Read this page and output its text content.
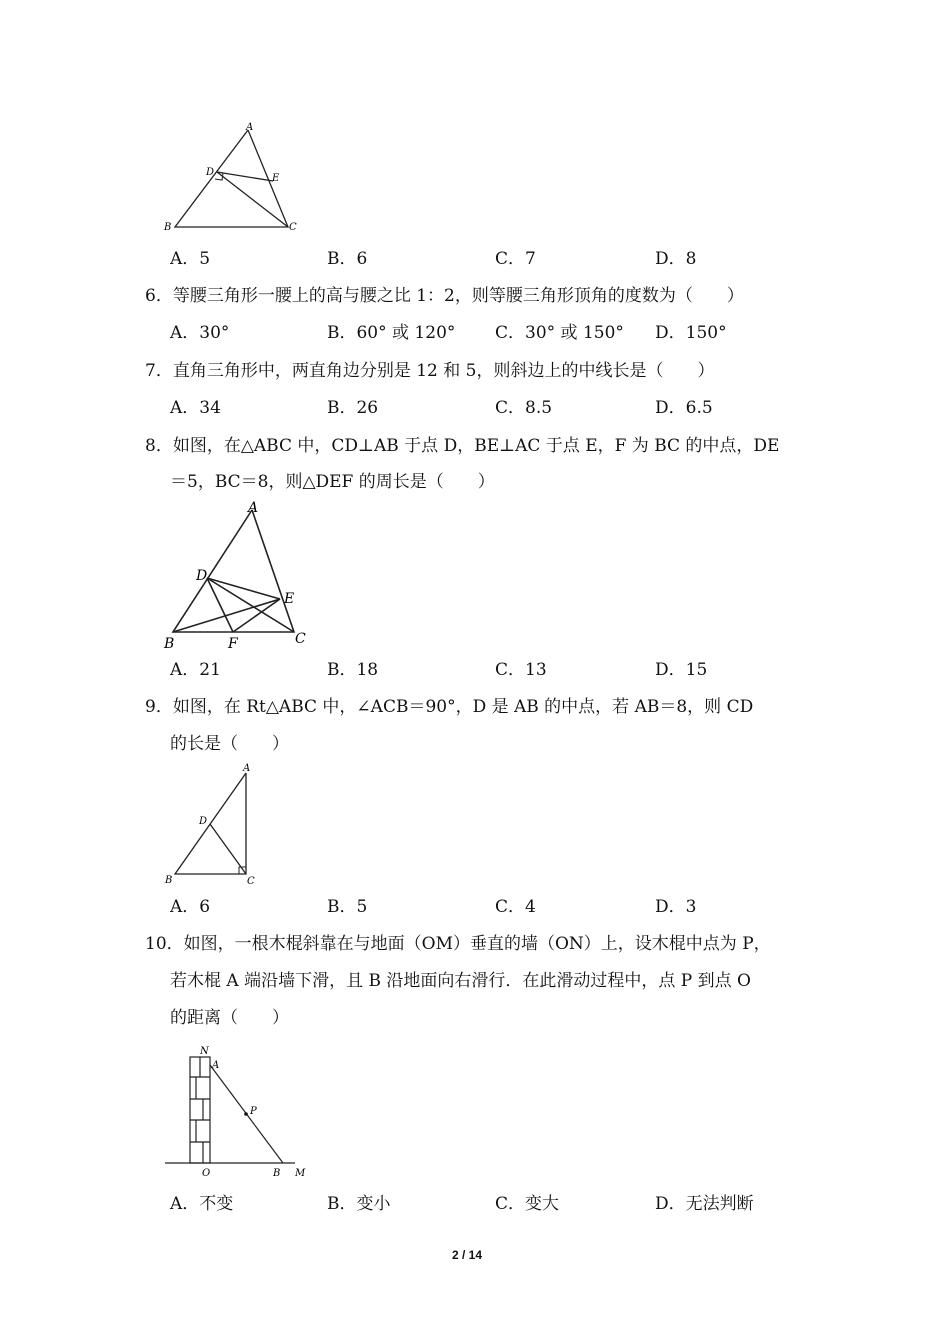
A
D
E
B	C
A．5	B．6	C．7	D．8
6．等腰三角形一腰上的高与腰之比 1：2，则等腰三角形顶角的度数为（　　）
A．30°	B．60° 或 120° C．30° 或 150° D．150°
7．直角三角形中，两直角边分别是 12 和 5，则斜边上的中线长是（　　）
A．34	B．26	C．8.5	D．6.5
8．如图，在△ABC 中，CD⊥AB 于点 D，BE⊥AC 于点 E，F 为 BC 的中点，DE
＝5，BC＝8，则△DEF 的周长是（　　）
A
D
E
B	F	C
A．21	B．18	C．13	D．15
9．如图，在 Rt△ABC 中，∠ACB＝90°，D 是 AB 的中点，若 AB＝8，则 CD
的长是（　　）
A
D
B	C
A．6	B．5	C．4	D．3
10．如图，一根木棍斜靠在与地面（OM）垂直的墙（ON）上，设木棍中点为 P，
若木棍 A 端沿墙下滑，且 B 沿地面向右滑行．在此滑动过程中，点 P 到点 O
的距离（　　）
N
A
P
O	B M
A．不变	B．变小	C．变大	D．无法判断
2 / 14
